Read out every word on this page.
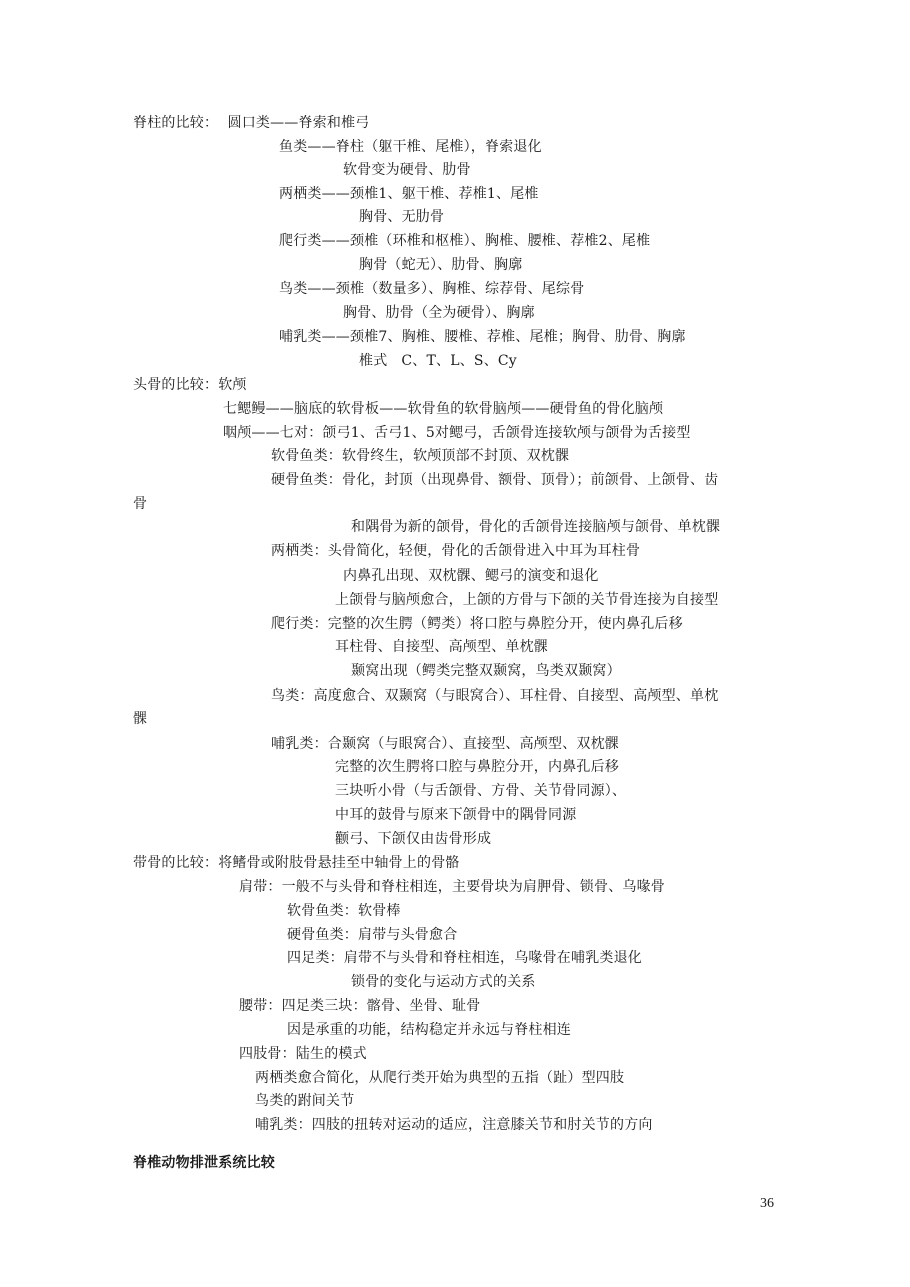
脊柱的比较：  圆口类——脊索和椎弓
鱼类——脊柱（躯干椎、尾椎），脊索退化
软骨变为硬骨、肋骨
两栖类——颈椎1、躯干椎、荐椎1、尾椎
胸骨、无肋骨
爬行类——颈椎（环椎和枢椎）、胸椎、腰椎、荐椎2、尾椎
胸骨（蛇无）、肋骨、胸廓
鸟类——颈椎（数量多）、胸椎、综荐骨、尾综骨
胸骨、肋骨（全为硬骨）、胸廓
哺乳类——颈椎7、胸椎、腰椎、荐椎、尾椎；胸骨、肋骨、胸廓
椎式   C、T、L、S、Cy
头骨的比较：软颅
七鳃鳗——脑底的软骨板——软骨鱼的软骨脑颅——硬骨鱼的骨化脑颅
咽颅——七对：颌弓1、舌弓1、5对鳃弓，舌颌骨连接软颅与颌骨为舌接型
软骨鱼类：软骨终生，软颅顶部不封顶、双枕髁
硬骨鱼类：骨化，封顶（出现鼻骨、额骨、顶骨）；前颌骨、上颌骨、齿
骨
和隅骨为新的颌骨，骨化的舌颌骨连接脑颅与颌骨、单枕髁
两栖类：头骨简化，轻便，骨化的舌颌骨进入中耳为耳柱骨
内鼻孔出现、双枕髁、鳃弓的演变和退化
上颌骨与脑颅愈合，上颌的方骨与下颌的关节骨连接为自接型
爬行类：完整的次生腭（鳄类）将口腔与鼻腔分开，使内鼻孔后移
耳柱骨、自接型、高颅型、单枕髁
颞窝出现（鳄类完整双颞窝，鸟类双颞窝）
鸟类：高度愈合、双颞窝（与眼窝合）、耳柱骨、自接型、高颅型、单枕
髁
哺乳类：合颞窝（与眼窝合）、直接型、高颅型、双枕髁
完整的次生腭将口腔与鼻腔分开，内鼻孔后移
三块听小骨（与舌颌骨、方骨、关节骨同源）、
中耳的鼓骨与原来下颌骨中的隅骨同源
颧弓、下颌仅由齿骨形成
带骨的比较：将鳍骨或附肢骨悬挂至中轴骨上的骨骼
肩带：一般不与头骨和脊柱相连，主要骨块为肩胛骨、锁骨、乌喙骨
软骨鱼类：软骨棒
硬骨鱼类：肩带与头骨愈合
四足类：肩带不与头骨和脊柱相连，乌喙骨在哺乳类退化
锁骨的变化与运动方式的关系
腰带：四足类三块：髂骨、坐骨、耻骨
因是承重的功能，结构稳定并永远与脊柱相连
四肢骨：陆生的模式
两栖类愈合简化，从爬行类开始为典型的五指（趾）型四肢
鸟类的跗间关节
哺乳类：四肢的扭转对运动的适应，注意膝关节和肘关节的方向
脊椎动物排泄系统比较
36
